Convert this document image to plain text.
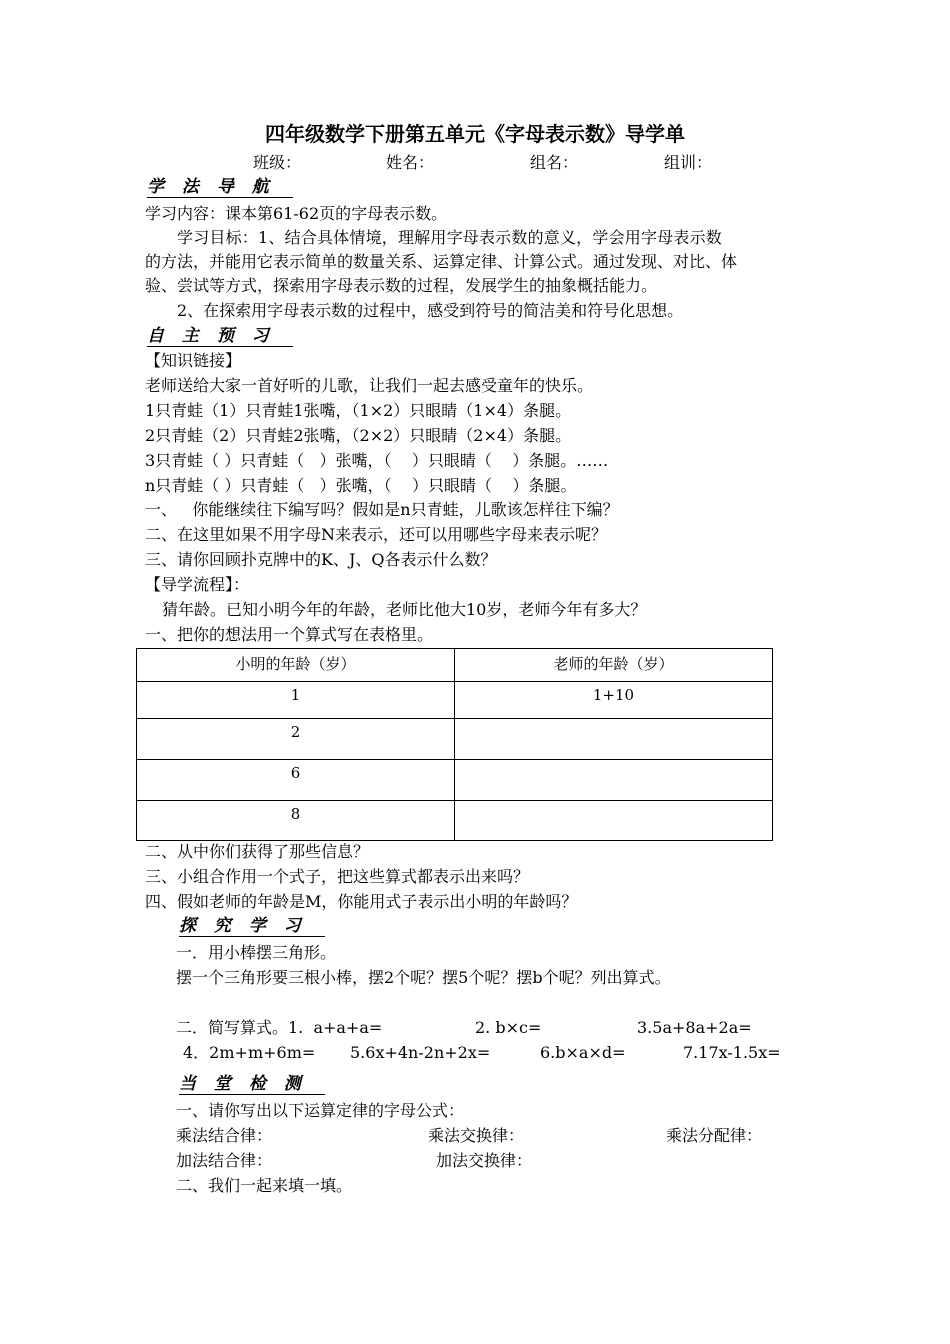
四年级数学下册第五单元《字母表示数》导学单
班级：	姓名：	组名：	组训：
学 法 导 航
学习内容：课本第61-62页的字母表示数。
学习目标：1、结合具体情境，理解用字母表示数的意义，学会用字母表示数
的方法，并能用它表示简单的数量关系、运算定律、计算公式。通过发现、对比、体
验、尝试等方式，探索用字母表示数的过程，发展学生的抽象概括能力。
2、在探索用字母表示数的过程中，感受到符号的简洁美和符号化思想。
自 主 预 习
【知识链接】
老师送给大家一首好听的儿歌，让我们一起去感受童年的快乐。
1只青蛙（1）只青蛙1张嘴，（1×2）只眼睛（1×4）条腿。
2只青蛙（2）只青蛙2张嘴，（2×2）只眼睛（2×4）条腿。
3只青蛙（ ）只青蛙（   ）张嘴，（    ）只眼睛（    ）条腿。……
n只青蛙（ ）只青蛙（   ）张嘴，（    ）只眼睛（    ）条腿。
一、   你能继续往下编写吗？假如是n只青蛙，儿歌该怎样往下编？
二、在这里如果不用字母N来表示，还可以用哪些字母来表示呢？
三、请你回顾扑克牌中的K、J、Q各表示什么数？
【导学流程】：
猜年龄。已知小明今年的年龄，老师比他大10岁，老师今年有多大？
一、把你的想法用一个算式写在表格里。
小明的年龄（岁）	老师的年龄（岁）
1	1+10
2	
6	
8	
二、从中你们获得了那些信息？
三、小组合作用一个式子，把这些算式都表示出来吗？
四、假如老师的年龄是M，你能用式子表示出小明的年龄吗？
探 究 学 习
一．用小棒摆三角形。
摆一个三角形要三根小棒，摆2个呢？摆5个呢？摆b个呢？列出算式。
二．简写算式。1.  a+a+a=	2. b×c=	3.5a+8a+2a=
4．2m+m+6m= 5.6x+4n-2n+2x=	6.b×a×d=	7.17x-1.5x=
当 堂 检 测
一、请你写出以下运算定律的字母公式：
乘法结合律：	乘法交换律：	乘法分配律：
加法结合律：	加法交换律：
二、我们一起来填一填。
